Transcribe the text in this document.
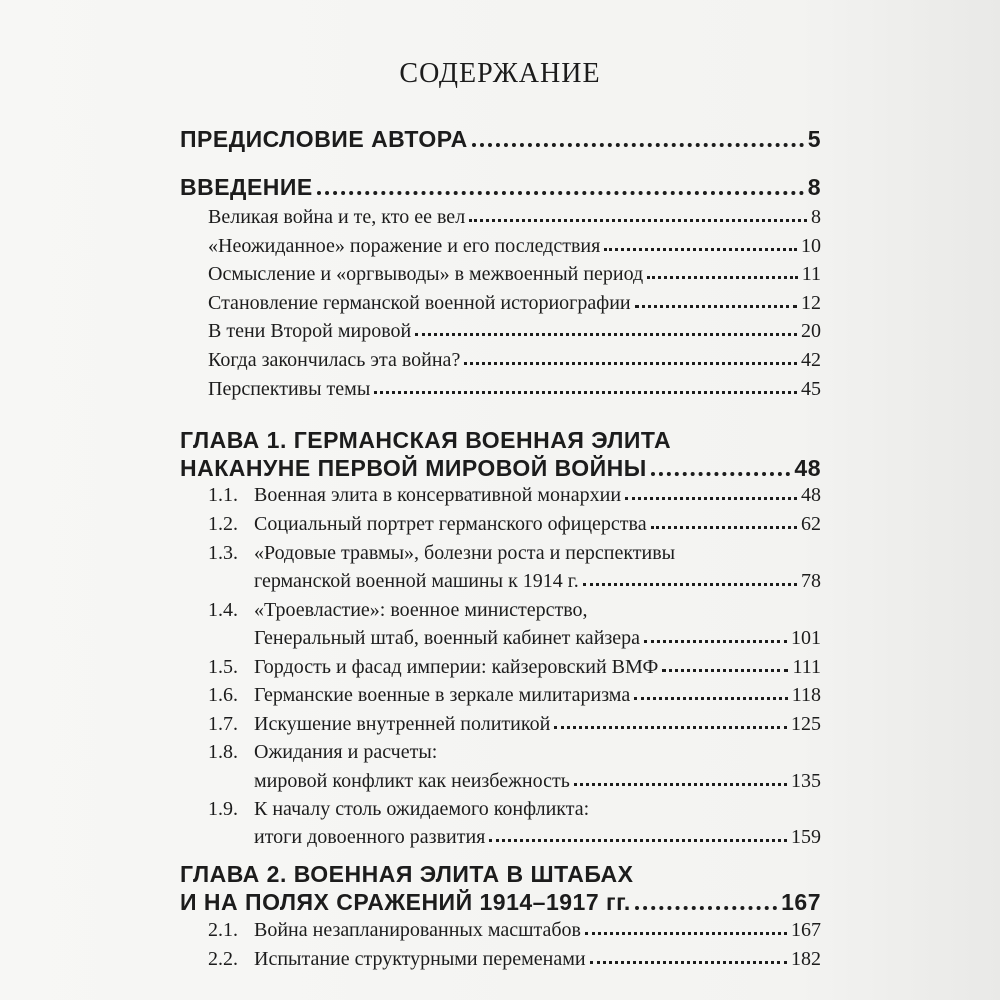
СОДЕРЖАНИЕ
ПРЕДИСЛОВИЕ АВТОРА	5
ВВЕДЕНИЕ	8
Великая война и те, кто ее вел	8
«Неожиданное» поражение и его последствия	10
Осмысление и «оргвыводы» в межвоенный период	11
Становление германской военной историографии	12
В тени Второй мировой	20
Когда закончилась эта война?	42
Перспективы темы	45
ГЛАВА 1. ГЕРМАНСКАЯ ВОЕННАЯ ЭЛИТА
НАКАНУНЕ ПЕРВОЙ МИРОВОЙ ВОЙНЫ	48
1.1. Военная элита в консервативной монархии	48
1.2. Социальный портрет германского офицерства	62
1.3. «Родовые травмы», болезни роста и перспективы
германской военной машины к 1914 г.	78
1.4. «Троевластие»: военное министерство,
Генеральный штаб, военный кабинет кайзера	101
1.5. Гордость и фасад империи: кайзеровский ВМФ	111
1.6. Германские военные в зеркале милитаризма	118
1.7. Искушение внутренней политикой	125
1.8. Ожидания и расчеты:
мировой конфликт как неизбежность	135
1.9. К началу столь ожидаемого конфликта:
итоги довоенного развития	159
ГЛАВА 2. ВОЕННАЯ ЭЛИТА В ШТАБАХ
И НА ПОЛЯХ СРАЖЕНИЙ 1914–1917 гг.	167
2.1. Война незапланированных масштабов	167
2.2. Испытание структурными переменами	182
